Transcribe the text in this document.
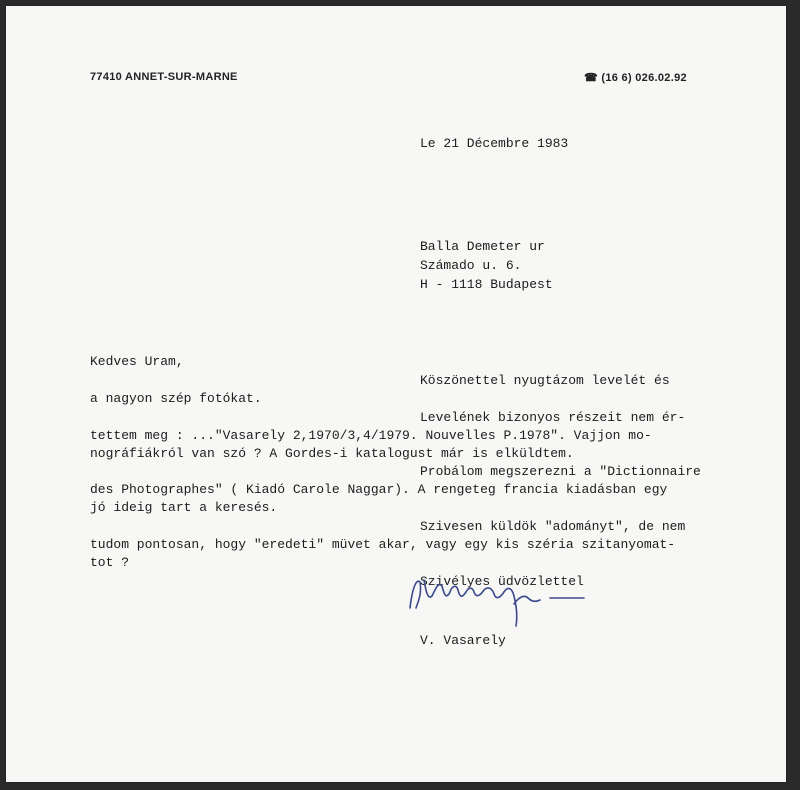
77410 ANNET-SUR-MARNE	☎ (16 6) 026.02.92

Le 21 Décembre 1983

Balla Demeter ur

Számado u. 6.

H - 1118 Budapest

Kedves Uram,

Köszönettel nyugtázom levelét és

a nagyon szép fotókat.

Levelének bizonyos részeit nem ér-

tettem meg : ..."Vasarely 2,1970/3,4/1979. Nouvelles P.1978". Vajjon mo-

nográfiákról van szó ? A Gordes-i katalogust már is elküldtem.

Probálom megszerezni a "Dictionnaire

des Photographes" ( Kiadó Carole Naggar). A rengeteg francia kiadásban egy

jó ideig tart a keresés.

Szivesen küldök "adományt", de nem

tudom pontosan, hogy "eredeti" müvet akar, vagy egy kis széria szitanyomat-

tot ?

Szivélyes üdvözlettel

V. Vasarely
